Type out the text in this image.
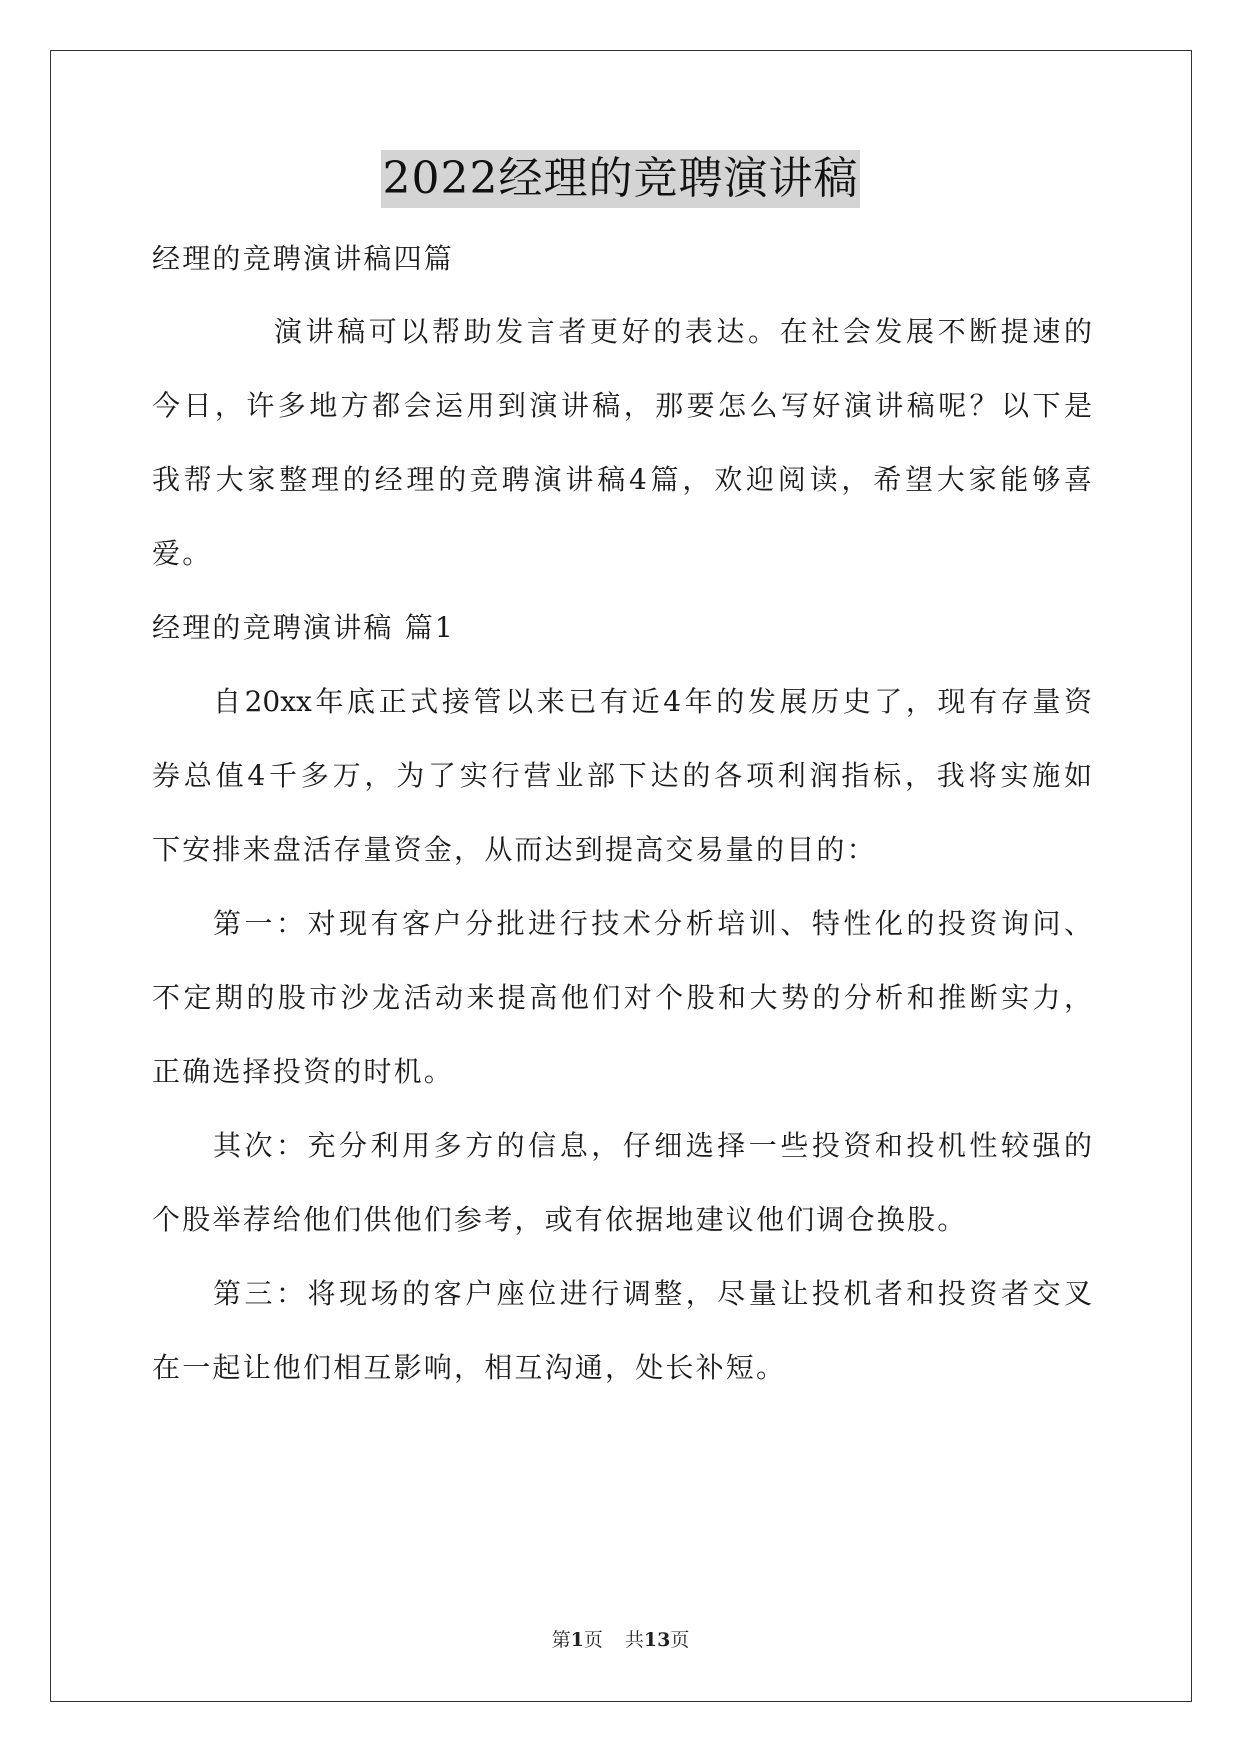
2022经理的竞聘演讲稿
经理的竞聘演讲稿四篇
演讲稿可以帮助发言者更好的表达。在社会发展不断提速的
今日，许多地方都会运用到演讲稿，那要怎么写好演讲稿呢？以下是
我帮大家整理的经理的竞聘演讲稿4篇，欢迎阅读，希望大家能够喜
爱。
经理的竞聘演讲稿 篇1
自20xx年底正式接管以来已有近4年的发展历史了，现有存量资
券总值4千多万，为了实行营业部下达的各项利润指标，我将实施如
下安排来盘活存量资金，从而达到提高交易量的目的：
第一：对现有客户分批进行技术分析培训、特性化的投资询问、
不定期的股市沙龙活动来提高他们对个股和大势的分析和推断实力，
正确选择投资的时机。
其次：充分利用多方的信息，仔细选择一些投资和投机性较强的
个股举荐给他们供他们参考，或有依据地建议他们调仓换股。
第三：将现场的客户座位进行调整，尽量让投机者和投资者交叉
在一起让他们相互影响，相互沟通，处长补短。
第1页 共13页
